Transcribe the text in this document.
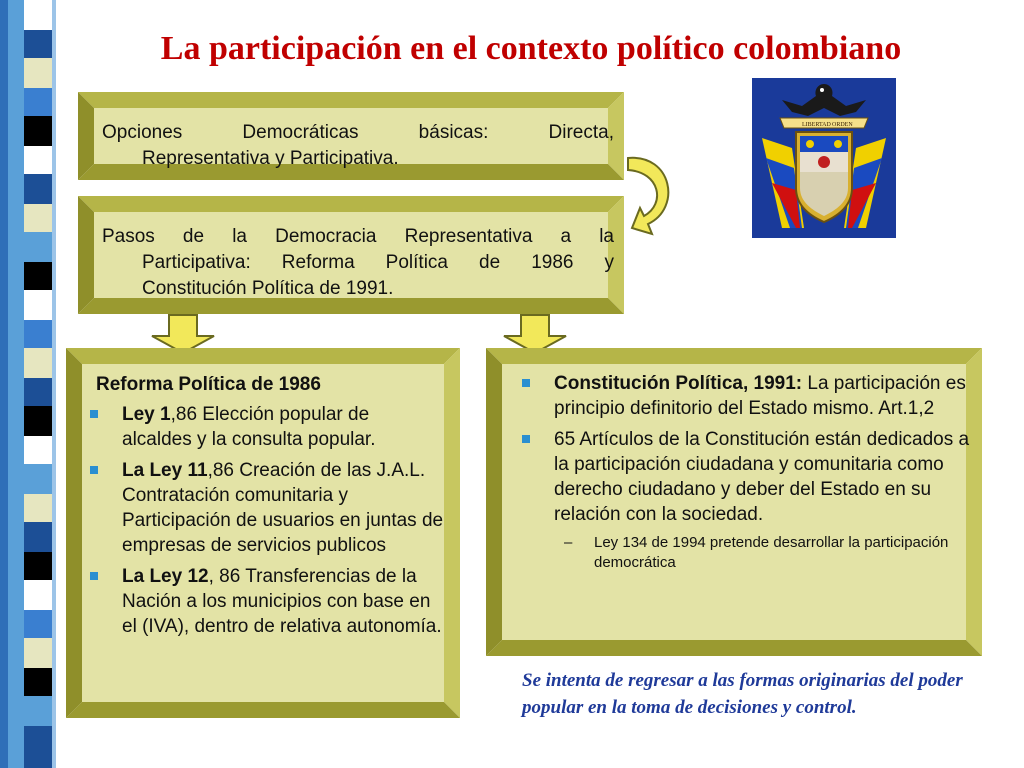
La participación en el contexto político colombiano
Opciones Democráticas básicas: Directa,
Representativa y Participativa.
Pasos de la Democracia Representativa a la
Participativa: Reforma Política de 1986 y
Constitución Política de 1991.
Reforma Política de 1986
Ley 1,86 Elección popular de alcaldes y la consulta popular.
La Ley 11,86 Creación de las J.A.L. Contratación comunitaria y Participación de usuarios en juntas de empresas de servicios publicos
La Ley 12, 86 Transferencias de la Nación a los municipios con base en el (IVA), dentro de relativa autonomía.
Constitución Política, 1991: La participación es principio definitorio del Estado mismo. Art.1,2
65 Artículos de la Constitución están dedicados a la participación ciudadana y comunitaria como derecho ciudadano y deber del Estado en su relación con la sociedad.
– Ley 134 de 1994 pretende desarrollar la participación democrática
LIBERTAD ORDEN
Se intenta de regresar a las formas originarias del poder popular en la toma de decisiones y control.
